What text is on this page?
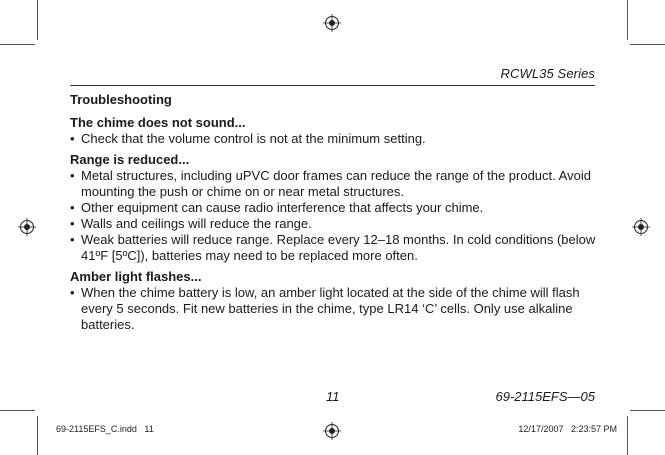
RCWL35 Series

Troubleshooting

The chime does not sound...

• Check that the volume control is not at the minimum setting.

Range is reduced...

• Metal structures, including uPVC door frames can reduce the range of the product. Avoid mounting the push or chime on or near metal structures.
• Other equipment can cause radio interference that affects your chime.
• Walls and ceilings will reduce the range.
• Weak batteries will reduce range. Replace every 12–18 months. In cold conditions (below 41ºF [5ºC]), batteries may need to be replaced more often.

Amber light flashes...

• When the chime battery is low, an amber light located at the side of the chime will flash every 5 seconds. Fit new batteries in the chime, type LR14 ‘C’ cells. Only use alkaline batteries.
11	69-2115EFS—05
69-2115EFS_C.indd   11	12/17/2007   2:23:57 PM
